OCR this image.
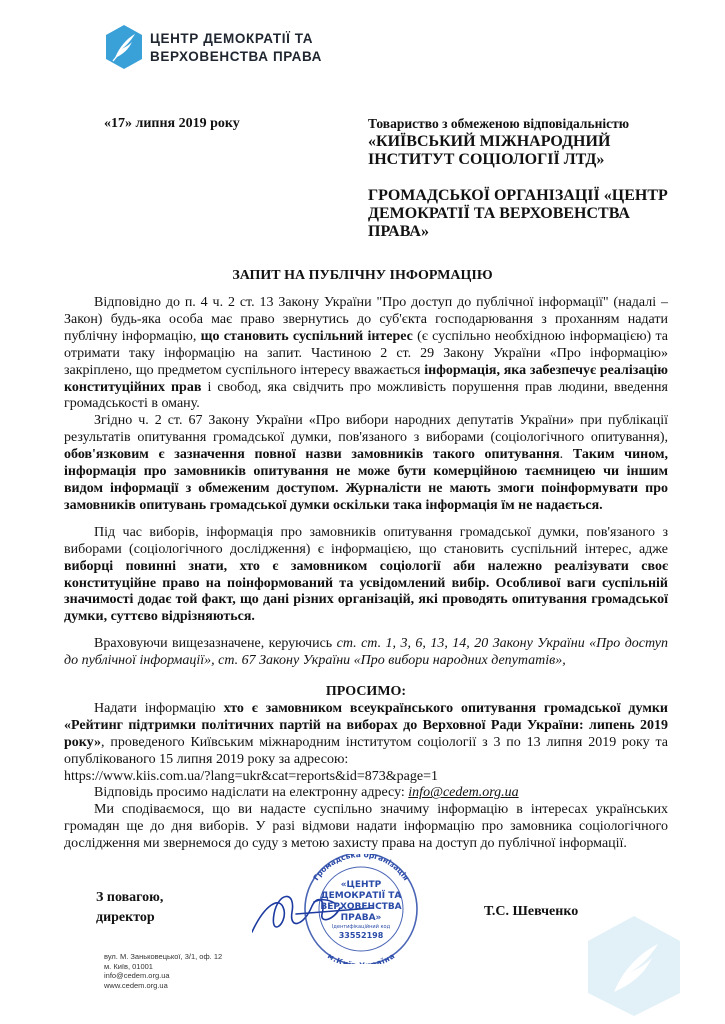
ЦЕНТР ДЕМОКРАТІЇ ТА
ВЕРХОВЕНСТВА ПРАВА
«17» липня 2019 року	Товариство з обмеженою відповідальністю
«КИЇВСЬКИЙ МІЖНАРОДНИЙ ІНСТИТУТ СОЦІОЛОГІЇ ЛТД»
ГРОМАДСЬКОЇ ОРГАНІЗАЦІЇ «ЦЕНТР ДЕМОКРАТІЇ ТА ВЕРХОВЕНСТВА ПРАВА»
ЗАПИТ НА ПУБЛІЧНУ ІНФОРМАЦІЮ

Відповідно до п. 4 ч. 2 ст. 13 Закону України "Про доступ до публічної інформації" (надалі – Закон) будь-яка особа має право звернутись до суб'єкта господарювання з проханням надати публічну інформацію, що становить суспільний інтерес (є суспільно необхідною інформацією) та отримати таку інформацію на запит. Частиною 2 ст. 29 Закону України «Про інформацію» закріплено, що предметом суспільного інтересу вважається інформація, яка забезпечує реалізацію конституційних прав і свобод, яка свідчить про можливість порушення прав людини, введення громадськості в оману.

Згідно ч. 2 ст. 67 Закону України «Про вибори народних депутатів України» при публікації результатів опитування громадської думки, пов'язаного з виборами (соціологічного опитування), обов'язковим є зазначення повної назви замовників такого опитування. Таким чином, інформація про замовників опитування не може бути комерційною таємницею чи іншим видом інформації з обмеженим доступом. Журналісти не мають змоги поінформувати про замовників опитувань громадської думки оскільки така інформація їм не надається.

Під час виборів, інформація про замовників опитування громадської думки, пов'язаного з виборами (соціологічного дослідження) є інформацією, що становить суспільний інтерес, адже виборці повинні знати, хто є замовником соціології аби належно реалізувати своє конституційне право на поінформований та усвідомлений вибір. Особливої ваги суспільній значимості додає той факт, що дані різних організацій, які проводять опитування громадської думки, суттєво відрізняються.

Враховуючи вищезазначене, керуючись ст. ст. 1, 3, 6, 13, 14, 20 Закону України «Про доступ до публічної інформації», ст. 67 Закону України «Про вибори народних депутатів»,

ПРОСИМО:

Надати інформацію хто є замовником всеукраїнського опитування громадської думки «Рейтинг підтримки політичних партій на виборах до Верховної Ради України: липень 2019 року», проведеного Київським міжнародним інститутом соціології з 3 по 13 липня 2019 року та опублікованого 15 липня 2019 року за адресою:

https://www.kiis.com.ua/?lang=ukr&cat=reports&id=873&page=1

Відповідь просимо надіслати на електронну адресу: info@cedem.org.ua

Ми сподіваємося, що ви надасте суспільно значиму інформацію в інтересах українських громадян ще до дня виборів. У разі відмови надати інформацію про замовника соціологічного дослідження ми звернемося до суду з метою захисту права на доступ до публічної інформації.

З повагою,
директор
Громадська організація
м.Ки аїна
«ЦЕНТР
ДЕМОКРАТІЇ ТА
ВЕРХОВЕНСТВА
ПРАВА»
Ідентифікаційний код
33552198
Т.С. Шевченко
вул. М. Заньковецької, 3/1, оф. 12
м. Київ, 01001
info@cedem.org.ua
www.cedem.org.ua
